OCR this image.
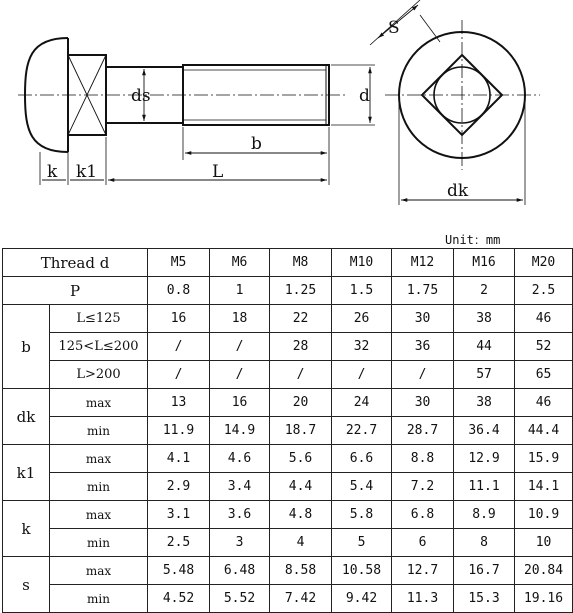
S
ds	d
b
L
k k1
dk
Unit：mm
Thread d		M5	M6	M8	M10	M12	M16	M20
P		0.8	1	1.25	1.5	1.75	2	2.5
b	L≤125	16	18	22	26	30	38	46
	125<L≤200	/	/	28	32	36	44	52
	L>200	/	/	/	/	/	57	65
dk	max	13	16	20	24	30	38	46
	min	11.9	14.9	18.7	22.7	28.7	36.4	44.4
k1	max	4.1	4.6	5.6	6.6	8.8	12.9	15.9
	min	2.9	3.4	4.4	5.4	7.2	11.1	14.1
k	max	3.1	3.6	4.8	5.8	6.8	8.9	10.9
	min	2.5	3	4	5	6	8	10
s	max	5.48	6.48	8.58	10.58	12.7	16.7	20.84
	min	4.52	5.52	7.42	9.42	11.3	15.3	19.16
